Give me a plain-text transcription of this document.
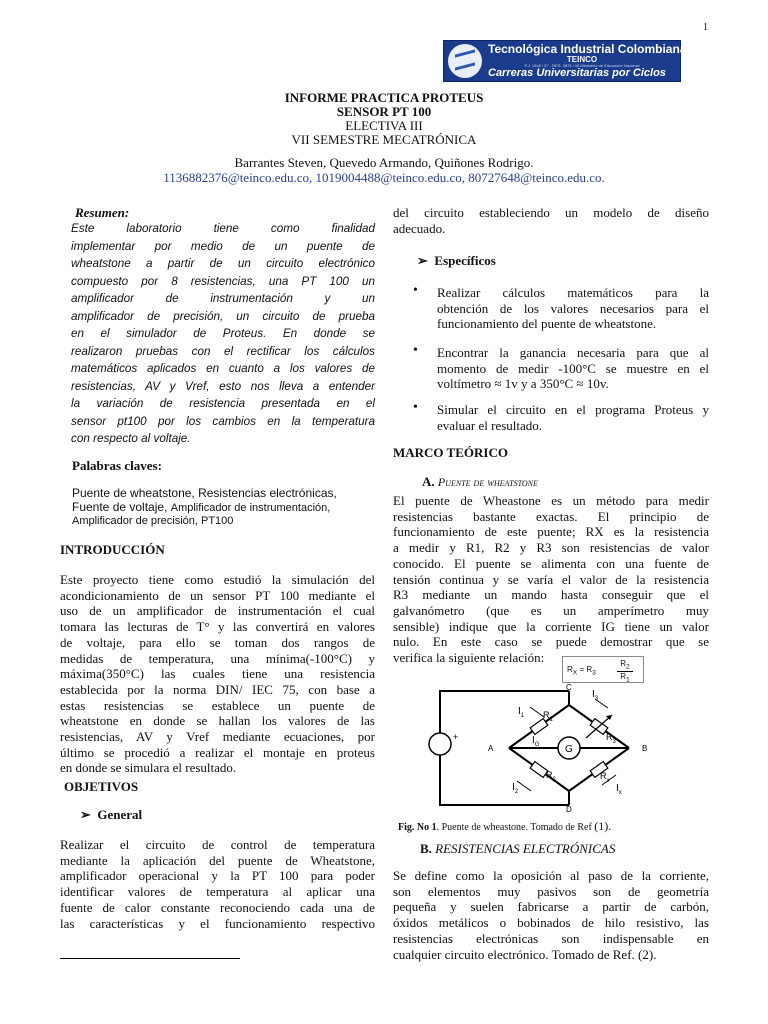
1
Tecnológica Industrial Colombiana
TEINCO
P.J. 1948 / 97 - RES. 3875 / 08 Ministerio de Educación Nacional
Carreras Universitarias por Ciclos
INFORME PRACTICA PROTEUS
SENSOR PT 100
ELECTIVA III
VII SEMESTRE MECATRÓNICA
Barrantes Steven, Quevedo Armando, Quiñones Rodrigo.
1136882376@teinco.edu.co, 1019004488@teinco.edu.co, 80727648@teinco.edu.co.
Resumen:
Este laboratorio tiene como finalidad
implementar por medio de un puente de
wheatstone a partir de un circuito electrónico
compuesto por 8 resistencias, una PT 100 un
amplificador de instrumentación y un
amplificador de precisión, un circuito de prueba
en el simulador de Proteus. En donde se
realizaron pruebas con el rectificar los cálculos
matemáticos aplicados en cuanto a los valores de
resistencias, AV y Vref, esto nos lleva a entender
la variación de resistencia presentada en el
sensor pt100 por los cambios en la temperatura
con respecto al voltaje.
Palabras claves:
Puente de wheatstone, Resistencias electrónicas,
Fuente de voltaje, Amplificador de instrumentación,
Amplificador de precisión, PT100
INTRODUCCIÓN
Este proyecto tiene como estudió la simulación del
acondicionamiento de un sensor PT 100 mediante el
uso de un amplificador de instrumentación el cual
tomara las lecturas de T° y las convertirá en valores
de voltaje, para ello se toman dos rangos de
medidas de temperatura, una mínima(-100°C) y
máxima(350°C) las cuales tiene una resistencia
establecida por la norma DIN/ IEC 75, con base a
estas resistencias se establece un puente de
wheatstone en donde se hallan los valores de las
resistencias, AV y Vref mediante ecuaciones, por
último se procedió a realizar el montaje en proteus
en donde se simulara el resultado.
OBJETIVOS
➢ General
Realizar el circuito de control de temperatura
mediante la aplicación del puente de Wheatstone,
amplificador operacional y la PT 100 para poder
identificar valores de temperatura al aplicar una
fuente de calor constante reconociendo cada una de
las características y el funcionamiento respectivo
del circuito estableciendo un modelo de diseño
adecuado.
➢ Específicos
• Realizar cálculos matemáticos para la
obtención de los valores necesarios para el
funcionamiento del puente de wheatstone.
• Encontrar la ganancia necesaria para que al
momento de medir -100°C se muestre en el
voltímetro ≈ 1v y a 350°C ≈ 10v.
• Simular el circuito en el programa Proteus y
evaluar el resultado.
MARCO TEÓRICO
A. Puente de wheatstone
El puente de Wheastone es un método para medir
resistencias bastante exactas. El principio de
funcionamiento de este puente; RX es la resistencia
a medir y R1, R2 y R3 son resistencias de valor
conocido. El puente se alimenta con una fuente de
tensión continua y se varía el valor de la resistencia
R3 mediante un mando hasta conseguir que el
galvanómetro (que es un amperímetro muy
sensible) indique que la corriente IG tiene un valor
nulo. En este caso se puede demostrar que se
verifica la siguiente relación:
$R_X = R_3$	$\frac{R_2}{R_1}$
+
G
C
D
A	B
$R_1$
$R_3$
$R_2$	$R_x$
$I_1$
$I_2$
$I_3$
$I_x$
$I_G$
Fig. No 1. Puente de wheastone. Tomado de Ref (1).
B. RESISTENCIAS ELECTRÓNICAS
Se define como la oposición al paso de la corriente,
son elementos muy pasivos son de geometría
pequeña y suelen fabricarse a partir de carbón,
óxidos metálicos o bobinados de hilo resistivo, las
resistencias electrónicas son indispensable en
cualquier circuito electrónico. Tomado de Ref. (2).
